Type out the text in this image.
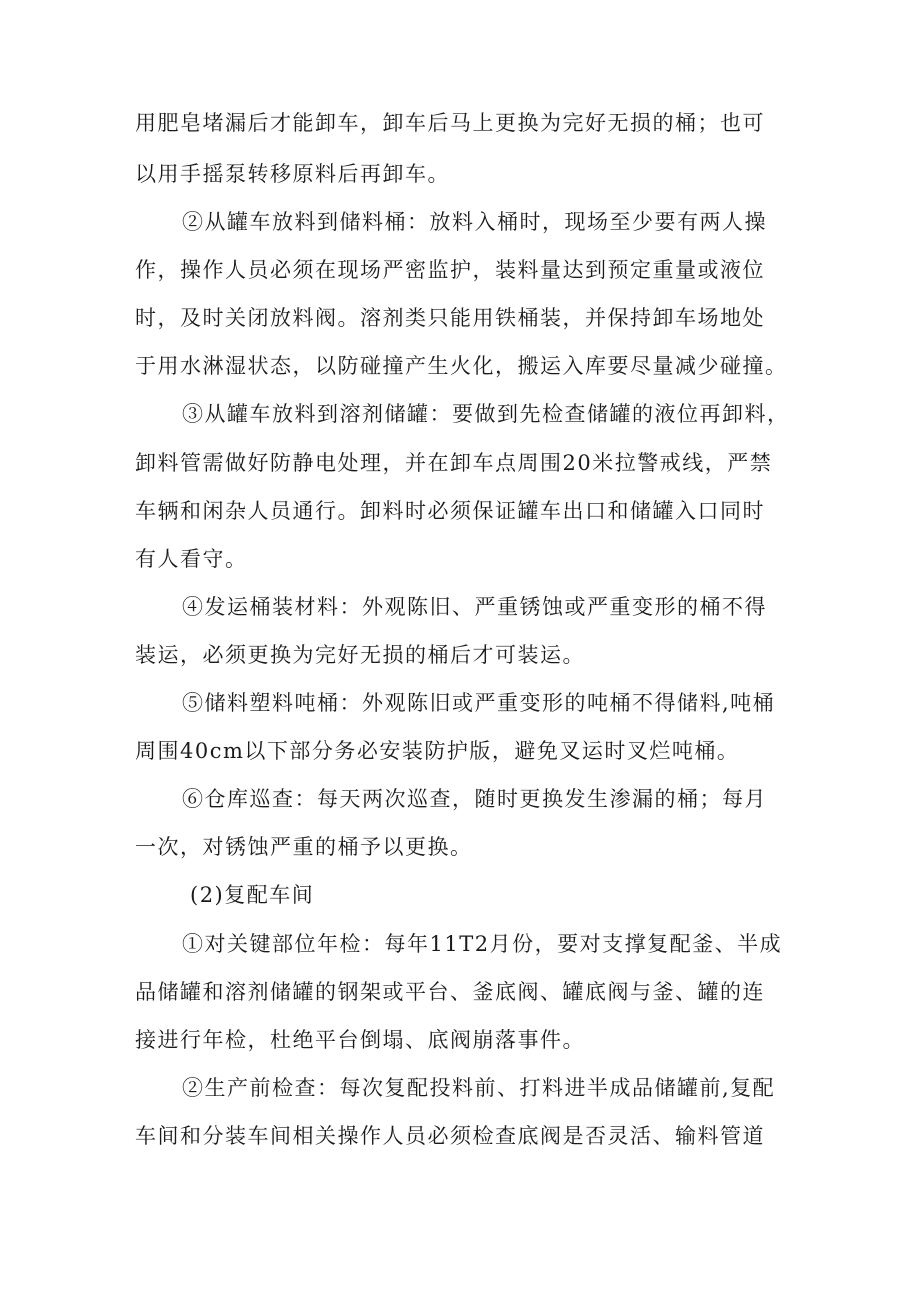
用肥皂堵漏后才能卸车，卸车后马上更换为完好无损的桶；也可
以用手摇泵转移原料后再卸车。
②从罐车放料到储料桶：放料入桶时，现场至少要有两人操
作，操作人员必须在现场严密监护，装料量达到预定重量或液位
时，及时关闭放料阀。溶剂类只能用铁桶装，并保持卸车场地处
于用水淋湿状态，以防碰撞产生火化，搬运入库要尽量减少碰撞。
③从罐车放料到溶剂储罐：要做到先检查储罐的液位再卸料，
卸料管需做好防静电处理，并在卸车点周围20米拉警戒线，严禁
车辆和闲杂人员通行。卸料时必须保证罐车出口和储罐入口同时
有人看守。
④发运桶装材料：外观陈旧、严重锈蚀或严重变形的桶不得
装运，必须更换为完好无损的桶后才可装运。
⑤储料塑料吨桶：外观陈旧或严重变形的吨桶不得储料,吨桶
周围40cm以下部分务必安装防护版，避免叉运时叉烂吨桶。
⑥仓库巡查：每天两次巡查，随时更换发生渗漏的桶；每月
一次，对锈蚀严重的桶予以更换。
(2)复配车间
①对关键部位年检：每年11T2月份，要对支撑复配釜、半成
品储罐和溶剂储罐的钢架或平台、釜底阀、罐底阀与釜、罐的连
接进行年检，杜绝平台倒塌、底阀崩落事件。
②生产前检查：每次复配投料前、打料进半成品储罐前,复配
车间和分装车间相关操作人员必须检查底阀是否灵活、输料管道
